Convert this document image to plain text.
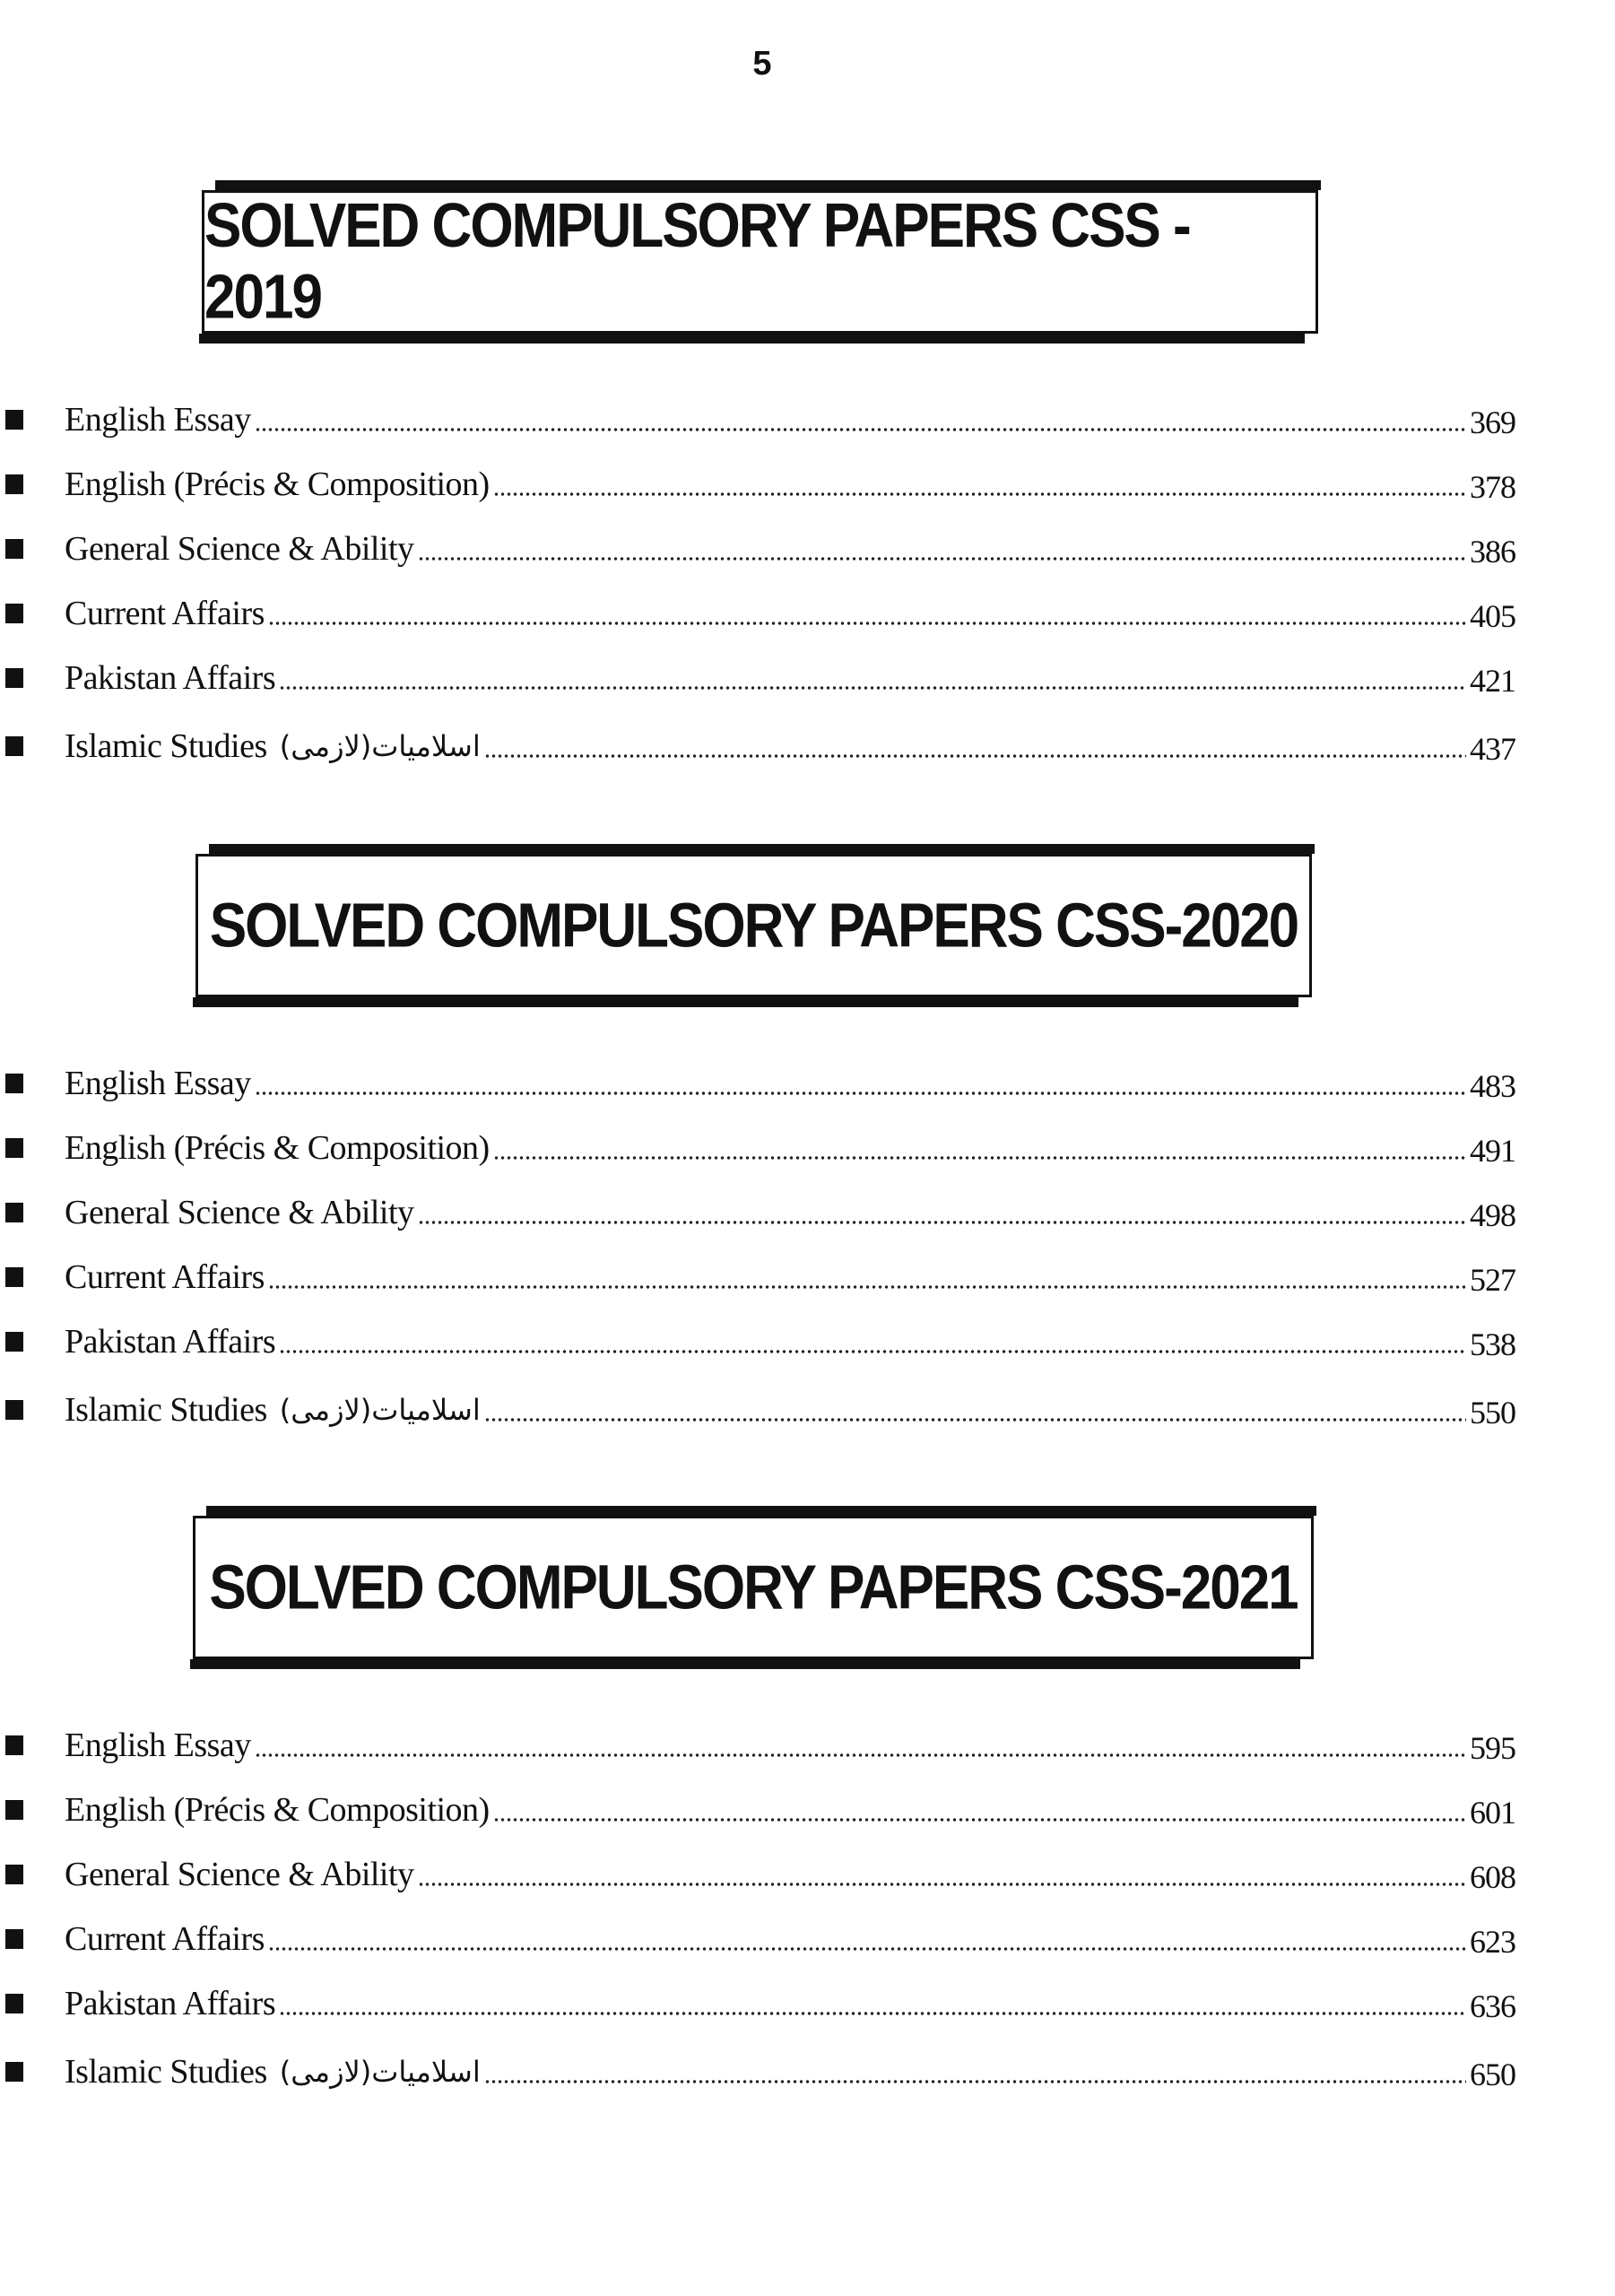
5
SOLVED COMPULSORY PAPERS CSS - 2019
English Essay	369
English (Précis & Composition)	378
General Science & Ability	386
Current Affairs	405
Pakistan Affairs	421
Islamic Studies اسلامیات(لازمی)	437
SOLVED COMPULSORY PAPERS CSS-2020
English Essay	483
English (Précis & Composition)	491
General Science & Ability	498
Current Affairs	527
Pakistan Affairs	538
Islamic Studies اسلامیات(لازمی)	550
SOLVED COMPULSORY PAPERS CSS-2021
English Essay	595
English (Précis & Composition)	601
General Science & Ability	608
Current Affairs	623
Pakistan Affairs	636
Islamic Studies اسلامیات(لازمی)	650
